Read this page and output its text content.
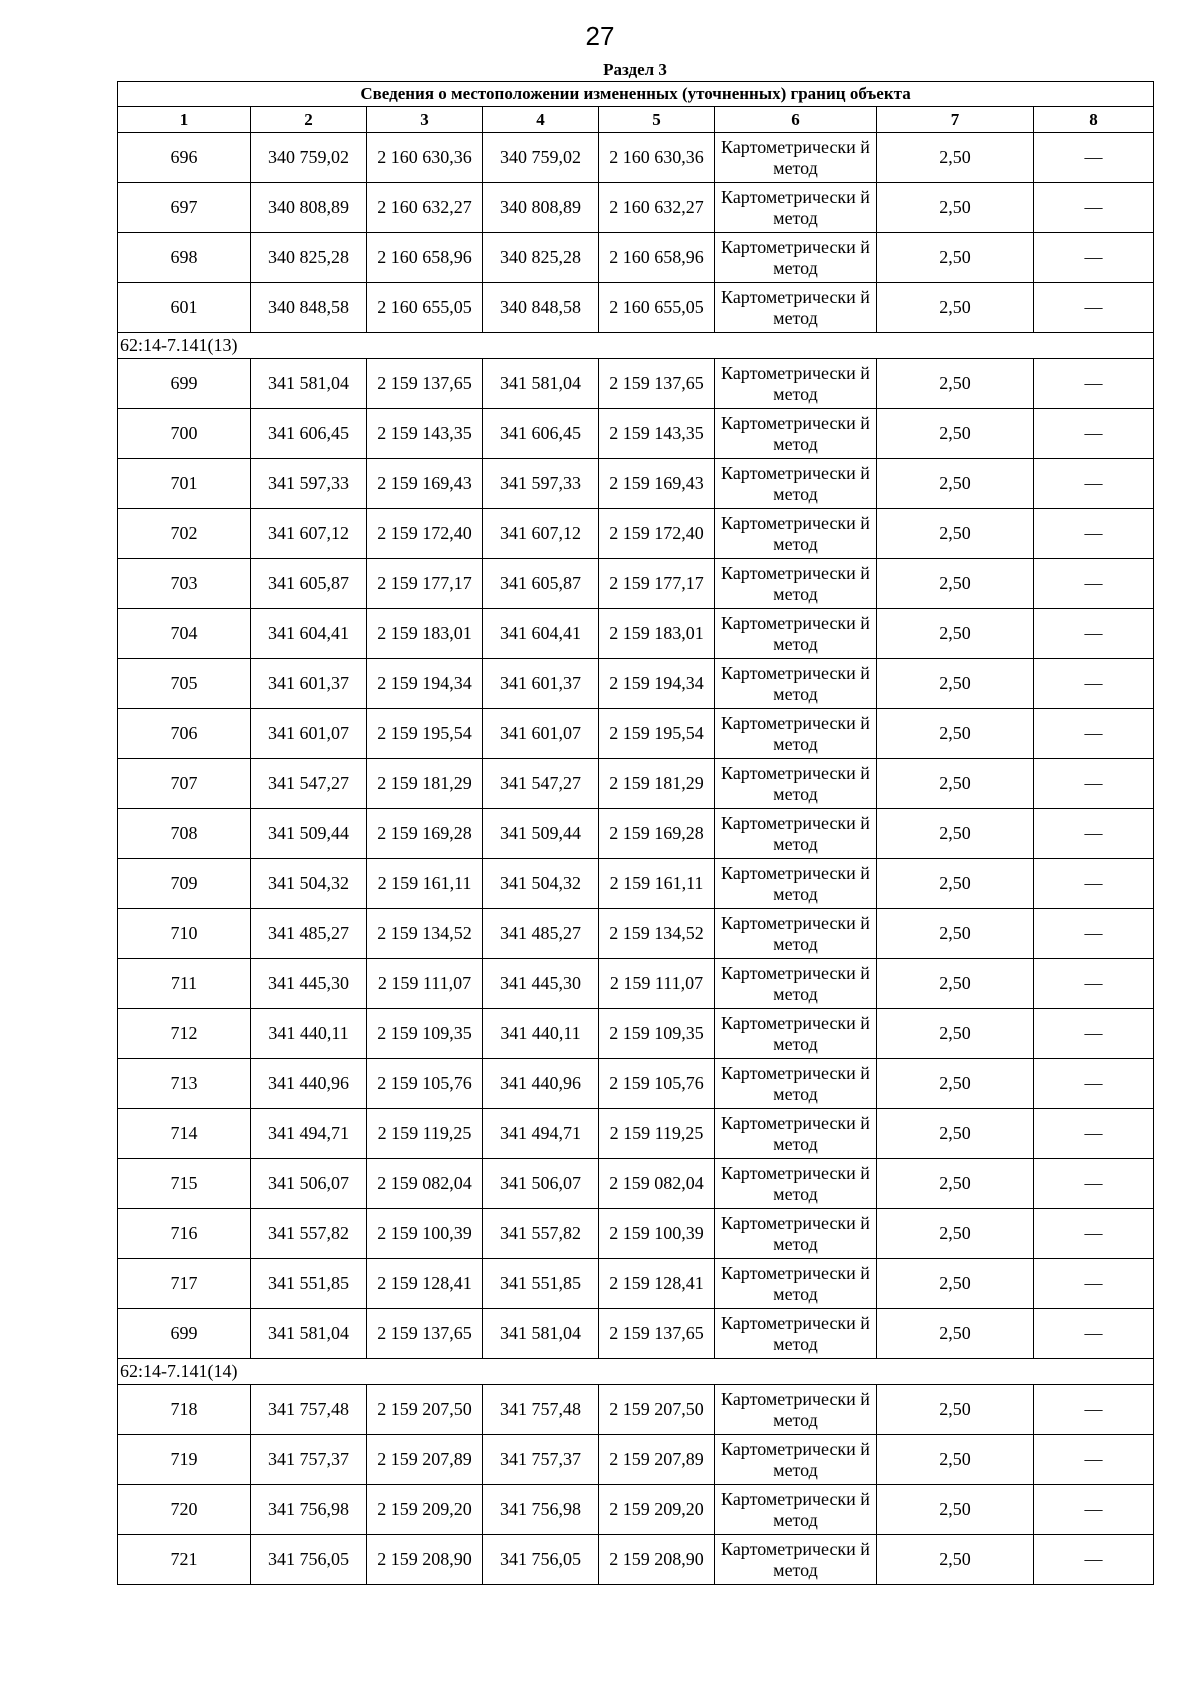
27
Раздел 3
Сведения о местоположении измененных (уточненных) границ объекта							
1	2	3	4	5	6	7	8
696	340 759,02	2 160 630,36	340 759,02	2 160 630,36	Картометрически й метод	2,50	—
697	340 808,89	2 160 632,27	340 808,89	2 160 632,27	Картометрически й метод	2,50	—
698	340 825,28	2 160 658,96	340 825,28	2 160 658,96	Картометрически й метод	2,50	—
601	340 848,58	2 160 655,05	340 848,58	2 160 655,05	Картометрически й метод	2,50	—
62:14-7.141(13)							
699	341 581,04	2 159 137,65	341 581,04	2 159 137,65	Картометрически й метод	2,50	—
700	341 606,45	2 159 143,35	341 606,45	2 159 143,35	Картометрически й метод	2,50	—
701	341 597,33	2 159 169,43	341 597,33	2 159 169,43	Картометрически й метод	2,50	—
702	341 607,12	2 159 172,40	341 607,12	2 159 172,40	Картометрически й метод	2,50	—
703	341 605,87	2 159 177,17	341 605,87	2 159 177,17	Картометрически й метод	2,50	—
704	341 604,41	2 159 183,01	341 604,41	2 159 183,01	Картометрически й метод	2,50	—
705	341 601,37	2 159 194,34	341 601,37	2 159 194,34	Картометрически й метод	2,50	—
706	341 601,07	2 159 195,54	341 601,07	2 159 195,54	Картометрически й метод	2,50	—
707	341 547,27	2 159 181,29	341 547,27	2 159 181,29	Картометрически й метод	2,50	—
708	341 509,44	2 159 169,28	341 509,44	2 159 169,28	Картометрически й метод	2,50	—
709	341 504,32	2 159 161,11	341 504,32	2 159 161,11	Картометрически й метод	2,50	—
710	341 485,27	2 159 134,52	341 485,27	2 159 134,52	Картометрически й метод	2,50	—
711	341 445,30	2 159 111,07	341 445,30	2 159 111,07	Картометрически й метод	2,50	—
712	341 440,11	2 159 109,35	341 440,11	2 159 109,35	Картометрически й метод	2,50	—
713	341 440,96	2 159 105,76	341 440,96	2 159 105,76	Картометрически й метод	2,50	—
714	341 494,71	2 159 119,25	341 494,71	2 159 119,25	Картометрически й метод	2,50	—
715	341 506,07	2 159 082,04	341 506,07	2 159 082,04	Картометрически й метод	2,50	—
716	341 557,82	2 159 100,39	341 557,82	2 159 100,39	Картометрически й метод	2,50	—
717	341 551,85	2 159 128,41	341 551,85	2 159 128,41	Картометрически й метод	2,50	—
699	341 581,04	2 159 137,65	341 581,04	2 159 137,65	Картометрически й метод	2,50	—
62:14-7.141(14)							
718	341 757,48	2 159 207,50	341 757,48	2 159 207,50	Картометрически й метод	2,50	—
719	341 757,37	2 159 207,89	341 757,37	2 159 207,89	Картометрически й метод	2,50	—
720	341 756,98	2 159 209,20	341 756,98	2 159 209,20	Картометрически й метод	2,50	—
721	341 756,05	2 159 208,90	341 756,05	2 159 208,90	Картометрически й метод	2,50	—
